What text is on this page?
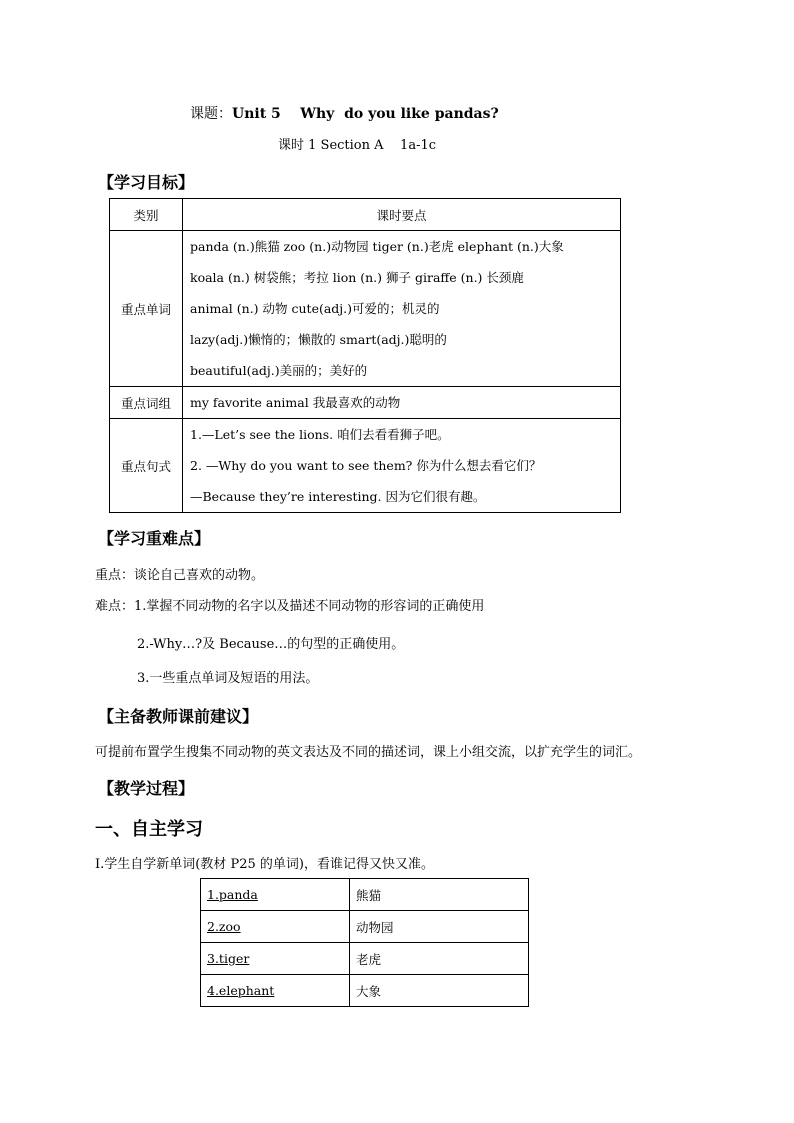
课题：Unit 5    Why  do you like pandas?
课时 1 Section A    1a-1c
【学习目标】
类别	课时要点
重点单词	panda (n.)熊猫 zoo (n.)动物园 tiger (n.)老虎 elephant (n.)大象
koala (n.) 树袋熊；考拉 lion (n.) 狮子 giraffe (n.) 长颈鹿
animal (n.) 动物 cute(adj.)可爱的；机灵的
lazy(adj.)懒惰的；懒散的 smart(adj.)聪明的
beautiful(adj.)美丽的；美好的

重点词组	my favorite animal 我最喜欢的动物

重点句式	1.—Let’s see the lions. 咱们去看看狮子吧。
2. —Why do you want to see them? 你为什么想去看它们？
—Because they’re interesting. 因为它们很有趣。
【学习重难点】
重点：谈论自己喜欢的动物。
难点：1.掌握不同动物的名字以及描述不同动物的形容词的正确使用
2.-Why…?及 Because…的句型的正确使用。
3.一些重点单词及短语的用法。
【主备教师课前建议】
可提前布置学生搜集不同动物的英文表达及不同的描述词，课上小组交流，以扩充学生的词汇。
【教学过程】
一、自主学习
I.学生自学新单词(教材 P25 的单词)，看谁记得又快又准。
1.panda	熊猫
2.zoo	动物园
3.tiger	老虎
4.elephant	大象
